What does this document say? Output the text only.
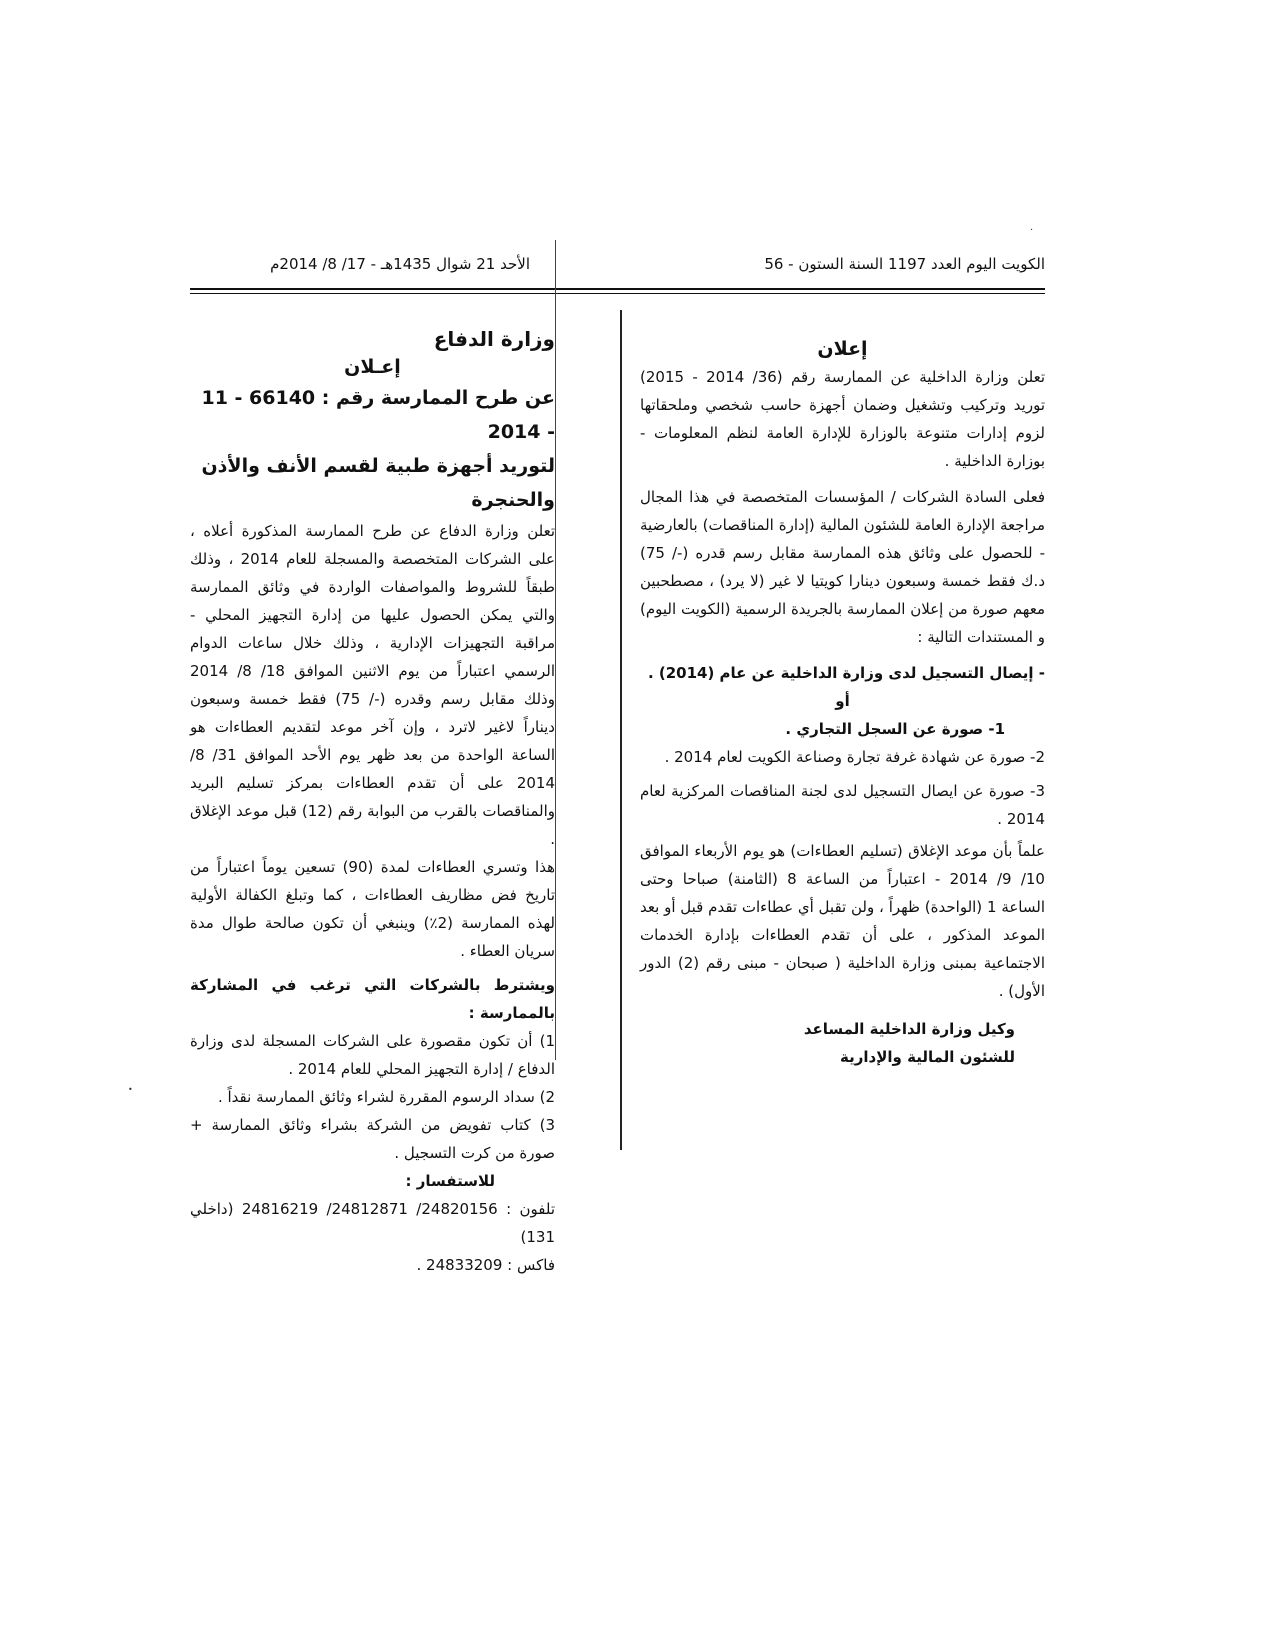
.
•
الكويت اليوم العدد 1197 السنة الستون - 56
الأحد 21 شوال 1435هـ - 17/ 8/ 2014م

إعلان

تعلن وزارة الداخلية عن الممارسة رقم (36/ 2014 - 2015) توريد وتركيب وتشغيل وضمان أجهزة حاسب شخصي وملحقاتها لزوم إدارات متنوعة بالوزارة للإدارة العامة لنظم المعلومات - بوزارة الداخلية .

فعلى السادة الشركات / المؤسسات المتخصصة في هذا المجال مراجعة الإدارة العامة للشئون المالية (إدارة المناقصات) بالعارضية - للحصول على وثائق هذه الممارسة مقابل رسم قدره (-/ 75) د.ك فقط خمسة وسبعون دينارا كويتيا لا غير (لا يرد) ، مصطحبين معهم صورة من إعلان الممارسة بالجريدة الرسمية (الكويت اليوم) و المستندات التالية :

- إيصال التسجيل لدى وزارة الداخلية عن عام (2014) .

أو

1- صورة عن السجل التجاري .

2- صورة عن شهادة غرفة تجارة وصناعة الكويت لعام 2014 .

3- صورة عن ايصال التسجيل لدى لجنة المناقصات المركزية لعام 2014 .

علماً بأن موعد الإغلاق (تسليم العطاءات) هو يوم الأربعاء الموافق 10/ 9/ 2014 - اعتباراً من الساعة 8 (الثامنة) صباحا وحتى الساعة 1 (الواحدة) ظهراً ، ولن تقبل أي عطاءات تقدم قبل أو بعد الموعد المذكور ، على أن تقدم العطاءات بإدارة الخدمات الاجتماعية بمبنى وزارة الداخلية ( صبحان - مبنى رقم (2) الدور الأول) .

وكيل وزارة الداخلية المساعد
للشئون المالية والإدارية

وزارة الدفاع

إعـلان

عن طرح الممارسة رقم : 66140 - 11 - 2014

لتوريد أجهزة طبية لقسم الأنف والأذن والحنجرة

تعلن وزارة الدفاع عن طرح الممارسة المذكورة أعلاه ، على الشركات المتخصصة والمسجلة للعام 2014 ، وذلك طبقاً للشروط والمواصفات الواردة في وثائق الممارسة والتي يمكن الحصول عليها من إدارة التجهيز المحلي - مراقبة التجهيزات الإدارية ، وذلك خلال ساعات الدوام الرسمي اعتباراً من يوم الاثنين الموافق 18/ 8/ 2014 وذلك مقابل رسم وقدره (-/ 75) فقط خمسة وسبعون ديناراً لاغير لاترد ، وإن آخر موعد لتقديم العطاءات هو الساعة الواحدة من بعد ظهر يوم الأحد الموافق 31/ 8/ 2014 على أن تقدم العطاءات بمركز تسليم البريد والمناقصات بالقرب من البوابة رقم (12) قبل موعد الإغلاق .

هذا وتسري العطاءات لمدة (90) تسعين يوماً اعتباراً من تاريخ فض مظاريف العطاءات ، كما وتبلغ الكفالة الأولية لهذه الممارسة (2٪) وينبغي أن تكون صالحة طوال مدة سريان العطاء .

ويشترط بالشركات التي ترغب في المشاركة بالممارسة :

1) أن تكون مقصورة على الشركات المسجلة لدى وزارة الدفاع / إدارة التجهيز المحلي للعام 2014 .

2) سداد الرسوم المقررة لشراء وثائق الممارسة نقداً .

3) كتاب تفويض من الشركة بشراء وثائق الممارسة + صورة من كرت التسجيل .

للاستفسار :

تلفون : 24820156/ 24812871/ 24816219 (داخلي 131)

فاكس : 24833209 .
